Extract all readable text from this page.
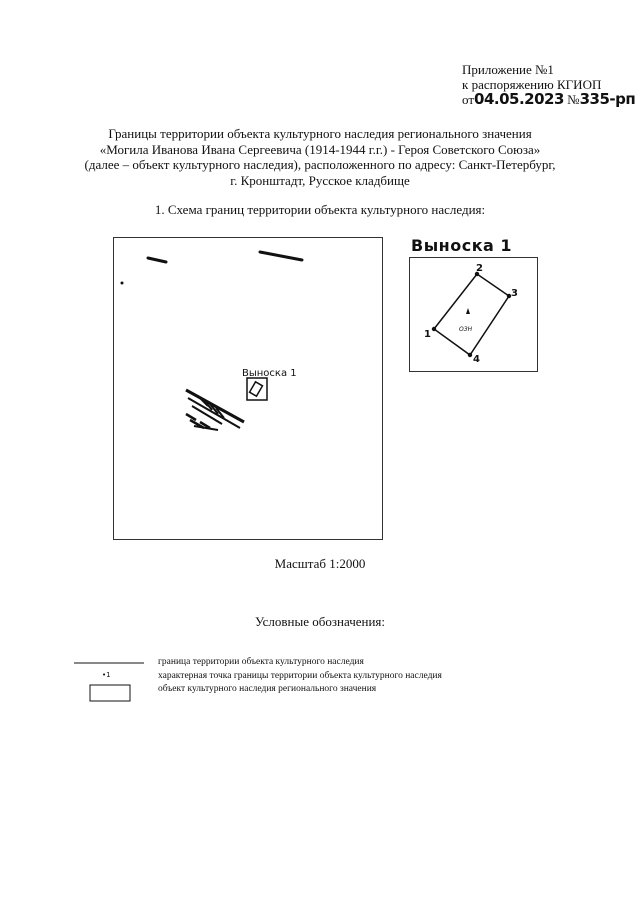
Приложение №1
к распоряжению КГИОП
от04.05.2023 №335-рп
Границы территории объекта культурного наследия регионального значения
«Могила Иванова Ивана Сергеевича (1914-1944 г.г.) - Героя Советского Союза»
(далее – объект культурного наследия), расположенного по адресу: Санкт-Петербург,
г. Кронштадт, Русское кладбище
1. Схема границ территории объекта культурного наследия:
Выноска 1
Выноска 1
1
2
3
4
ОЗН
Масштаб 1:2000
Условные обозначения:
граница территории объекта культурного наследия
•1	характерная точка границы территории объекта культурного наследия
объект культурного наследия регионального значения
